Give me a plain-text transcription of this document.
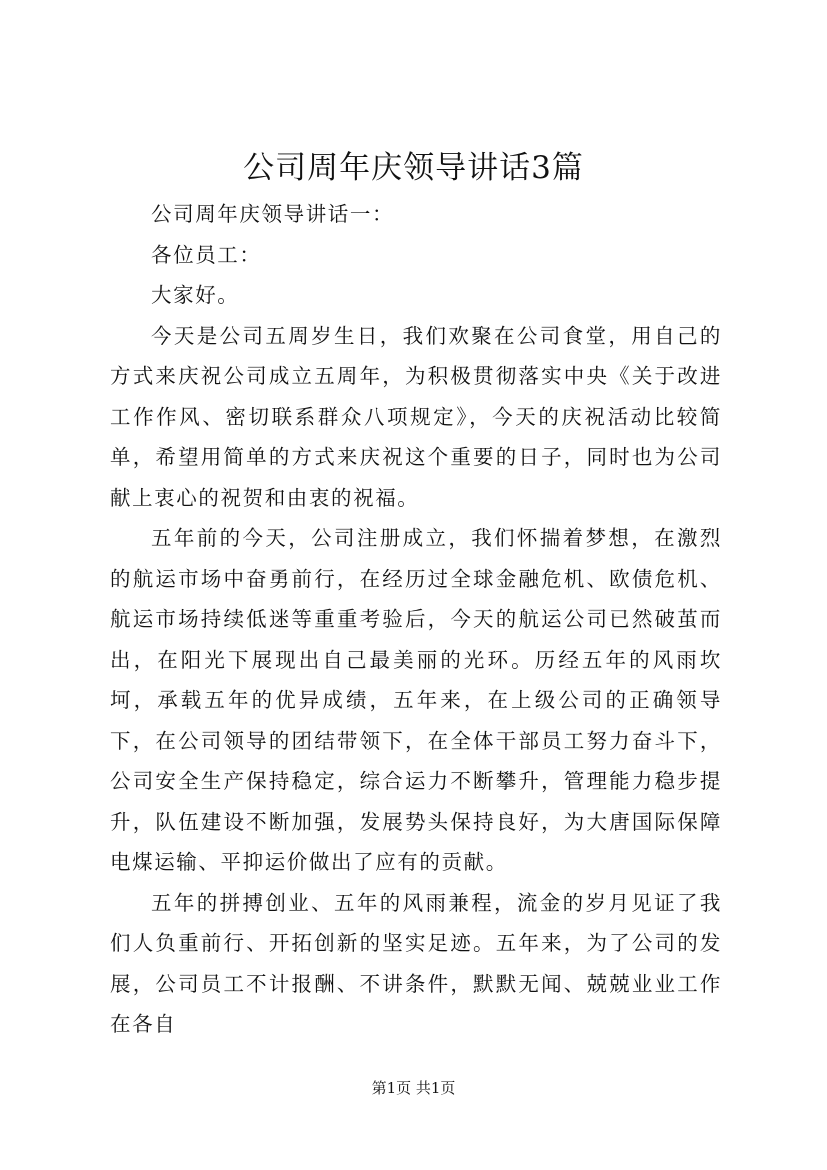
公司周年庆领导讲话3篇

公司周年庆领导讲话一：

各位员工：

大家好。

今天是公司五周岁生日，我们欢聚在公司食堂，用自己的方式来庆祝公司成立五周年，为积极贯彻落实中央《关于改进工作作风、密切联系群众八项规定》，今天的庆祝活动比较简单，希望用简单的方式来庆祝这个重要的日子，同时也为公司献上衷心的祝贺和由衷的祝福。

五年前的今天，公司注册成立，我们怀揣着梦想，在激烈的航运市场中奋勇前行，在经历过全球金融危机、欧债危机、航运市场持续低迷等重重考验后，今天的航运公司已然破茧而出，在阳光下展现出自己最美丽的光环。历经五年的风雨坎坷，承载五年的优异成绩，五年来，在上级公司的正确领导下，在公司领导的团结带领下，在全体干部员工努力奋斗下，公司安全生产保持稳定，综合运力不断攀升，管理能力稳步提升，队伍建设不断加强，发展势头保持良好，为大唐国际保障电煤运输、平抑运价做出了应有的贡献。

五年的拼搏创业、五年的风雨兼程，流金的岁月见证了我们人负重前行、开拓创新的坚实足迹。五年来，为了公司的发展，公司员工不计报酬、不讲条件，默默无闻、兢兢业业工作在各自

第1页 共1页
